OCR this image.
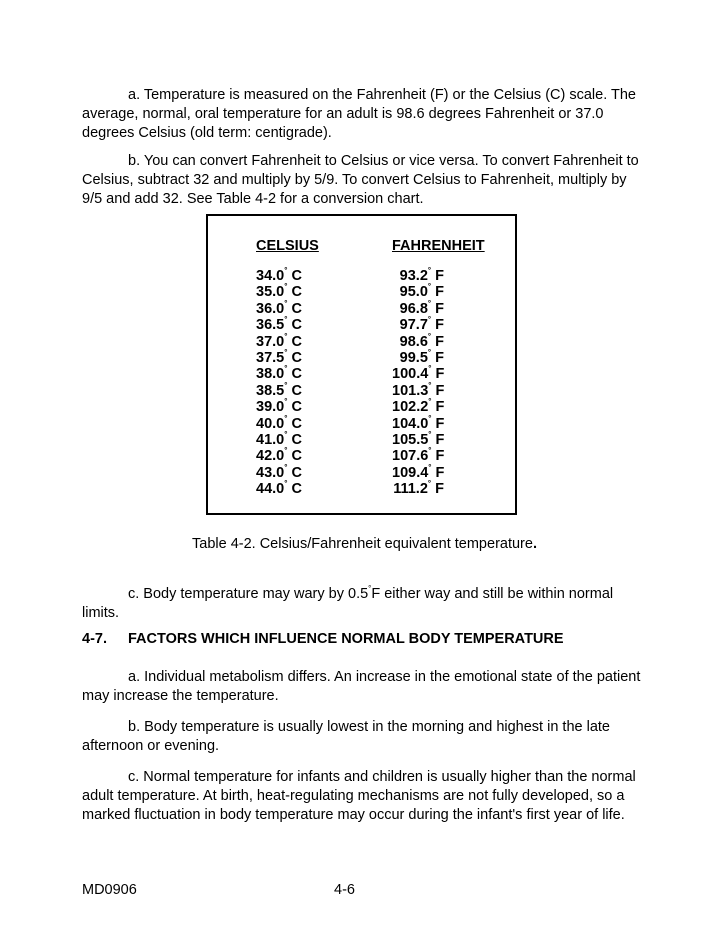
a. Temperature is measured on the Fahrenheit (F) or the Celsius (C) scale. The average, normal, oral temperature for an adult is 98.6 degrees Fahrenheit or 37.0 degrees Celsius (old term: centigrade).

b. You can convert Fahrenheit to Celsius or vice versa. To convert Fahrenheit to Celsius, subtract 32 and multiply by 5/9. To convert Celsius to Fahrenheit, multiply by 9/5 and add 32. See Table 4-2 for a conversion chart.

CELSIUS	FAHRENHEIT
34.0° C
35.0° C
36.0° C
36.5° C
37.0° C
37.5° C
38.0° C
38.5° C
39.0° C
40.0° C
41.0° C
42.0° C
43.0° C
44.0° C
93.2° F
95.0° F
96.8° F
97.7° F
98.6° F
99.5° F
100.4° F
101.3° F
102.2° F
104.0° F
105.5° F
107.6° F
109.4° F
111.2° F
Table 4-2. Celsius/Fahrenheit equivalent temperature.

c. Body temperature may wary by 0.5°F either way and still be within normal limits.

4-7. FACTORS WHICH INFLUENCE NORMAL BODY TEMPERATURE

a. Individual metabolism differs. An increase in the emotional state of the patient may increase the temperature.

b. Body temperature is usually lowest in the morning and highest in the late afternoon or evening.

c. Normal temperature for infants and children is usually higher than the normal adult temperature. At birth, heat-regulating mechanisms are not fully developed, so a marked fluctuation in body temperature may occur during the infant's first year of life.

MD0906	4-6
